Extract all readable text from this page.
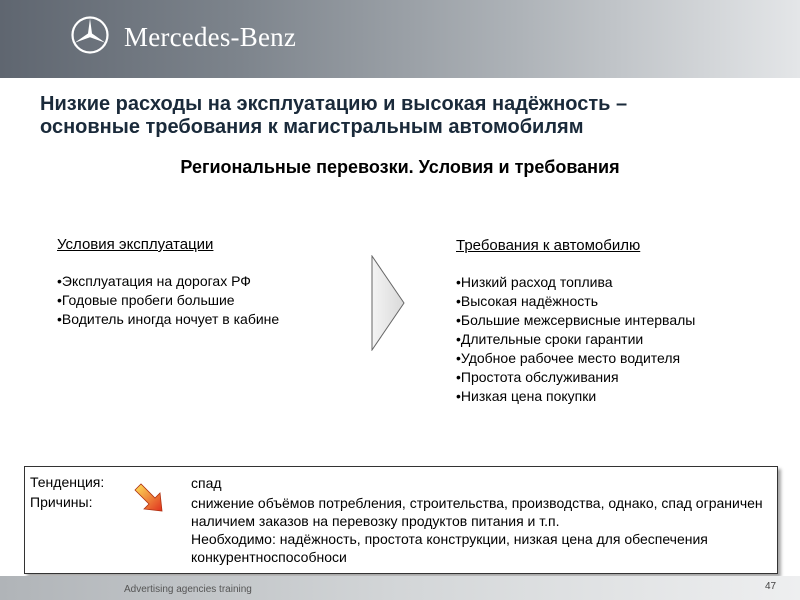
Mercedes-Benz
Низкие расходы на эксплуатацию и высокая надёжность –
основные требования к магистральным автомобилям
Региональные перевозки. Условия и требования
Условия эксплуатации
• Эксплуатация на дорогах РФ
• Годовые пробеги большие
• Водитель иногда ночует в кабине
Требования к автомобилю
• Низкий расход топлива
• Высокая надёжность
• Большие межсервисные интервалы
• Длительные сроки гарантии
• Удобное рабочее место водителя
• Простота обслуживания
• Низкая цена покупки
Тенденция:	спад
Причины:	снижение объёмов потребления, строительства, производства, однако, спад ограничен наличием заказов на перевозку продуктов питания и т.п.
Необходимо: надёжность, простота конструкции, низкая цена для обеспечения конкурентноспособноси
Advertising agencies training	47
